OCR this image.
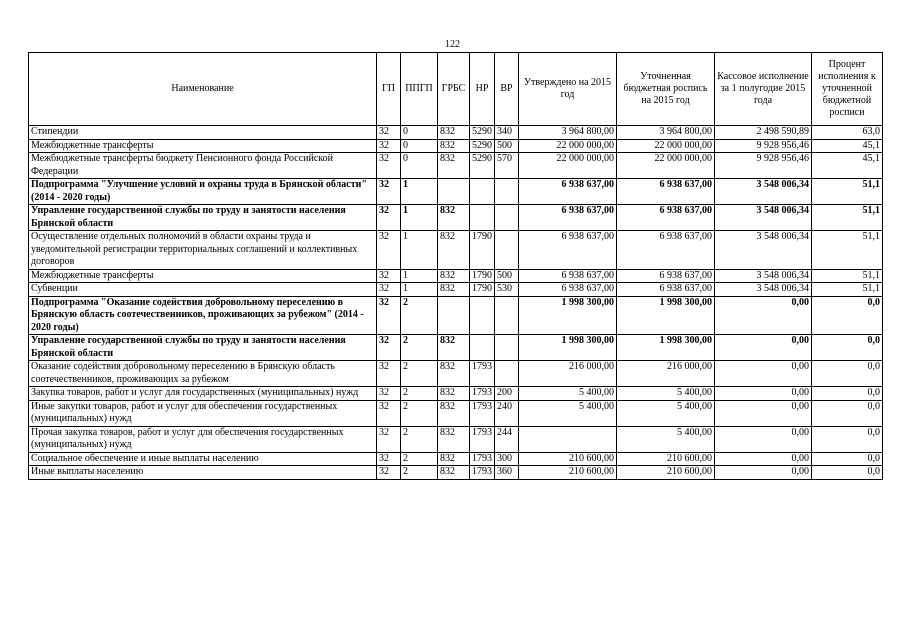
122
Наименование	ГП	ППГП	ГРБС	НР	ВР	Утверждено на 2015 год	Уточненная бюджетная роспись на 2015 год	Кассовое исполнение за 1 полугодие 2015 года	Процент исполнения к уточненной бюджетной росписи
Стипендии	32	0	832	5290	340	3 964 800,00	3 964 800,00	2 498 590,89	63,0
Межбюджетные трансферты	32	0	832	5290	500	22 000 000,00	22 000 000,00	9 928 956,46	45,1
Межбюджетные трансферты бюджету Пенсионного фонда Российской Федерации	32	0	832	5290	570	22 000 000,00	22 000 000,00	9 928 956,46	45,1
Подпрограмма "Улучшение условий и охраны труда в Брянской области" (2014 - 2020 годы)	32	1				6 938 637,00	6 938 637,00	3 548 006,34	51,1
Управление государственной службы по труду и занятости населения Брянской области	32	1	832			6 938 637,00	6 938 637,00	3 548 006,34	51,1
Осуществление отдельных полномочий в области охраны труда и уведомительной регистрации территориальных соглашений и коллективных договоров	32	1	832	1790		6 938 637,00	6 938 637,00	3 548 006,34	51,1
Межбюджетные трансферты	32	1	832	1790	500	6 938 637,00	6 938 637,00	3 548 006,34	51,1
Субвенции	32	1	832	1790	530	6 938 637,00	6 938 637,00	3 548 006,34	51,1
Подпрограмма "Оказание содействия добровольному переселению в Брянскую область соотечественников, проживающих за рубежом" (2014 - 2020 годы)	32	2				1 998 300,00	1 998 300,00	0,00	0,0
Управление государственной службы по труду и занятости населения Брянской области	32	2	832			1 998 300,00	1 998 300,00	0,00	0,0
Оказание содействия добровольному переселению в Брянскую область соотечественников, проживающих за рубежом	32	2	832	1793		216 000,00	216 000,00	0,00	0,0
Закупка товаров, работ и услуг для государственных (муниципальных) нужд	32	2	832	1793	200	5 400,00	5 400,00	0,00	0,0
Иные закупки товаров, работ и услуг для обеспечения государственных (муниципальных) нужд	32	2	832	1793	240	5 400,00	5 400,00	0,00	0,0
Прочая закупка товаров, работ и услуг для обеспечения государственных (муниципальных) нужд	32	2	832	1793	244		5 400,00	0,00	0,0
Социальное обеспечение и иные выплаты населению	32	2	832	1793	300	210 600,00	210 600,00	0,00	0,0
Иные выплаты населению	32	2	832	1793	360	210 600,00	210 600,00	0,00	0,0
